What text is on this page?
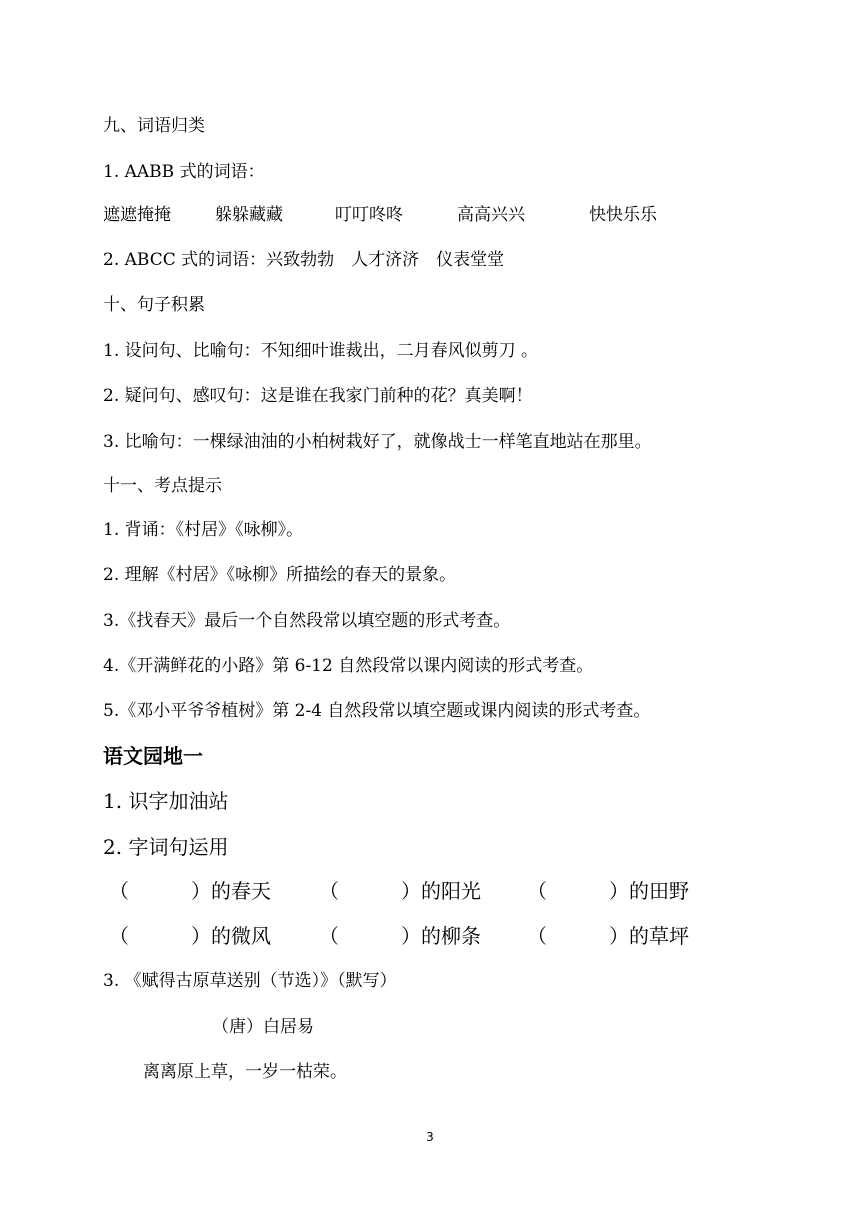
九、词语归类
1. AABB 式的词语：
遮遮掩掩	躲躲藏藏	叮叮咚咚	高高兴兴	快快乐乐
2. ABCC 式的词语：兴致勃勃　人才济济　仪表堂堂
十、句子积累
1. 设问句、比喻句：不知细叶谁裁出，二月春风似剪刀 。
2. 疑问句、感叹句：这是谁在我家门前种的花？真美啊！
3. 比喻句：一棵绿油油的小柏树栽好了，就像战士一样笔直地站在那里。
十一、考点提示
1. 背诵：《村居》《咏柳》。
2. 理解《村居》《咏柳》所描绘的春天的景象。
3.《找春天》最后一个自然段常以填空题的形式考查。
4.《开满鲜花的小路》第 6-12 自然段常以课内阅读的形式考查。
5.《邓小平爷爷植树》第 2-4 自然段常以填空题或课内阅读的形式考查。
语文园地一
1. 识字加油站
2. 字词句运用
（	）的春天 （	）的阳光 （	）的田野
（	）的微风 （	）的柳条 （	）的草坪
3. 《赋得古原草送别（节选）》（默写）
（唐）白居易
离离原上草，一岁一枯荣。
3
